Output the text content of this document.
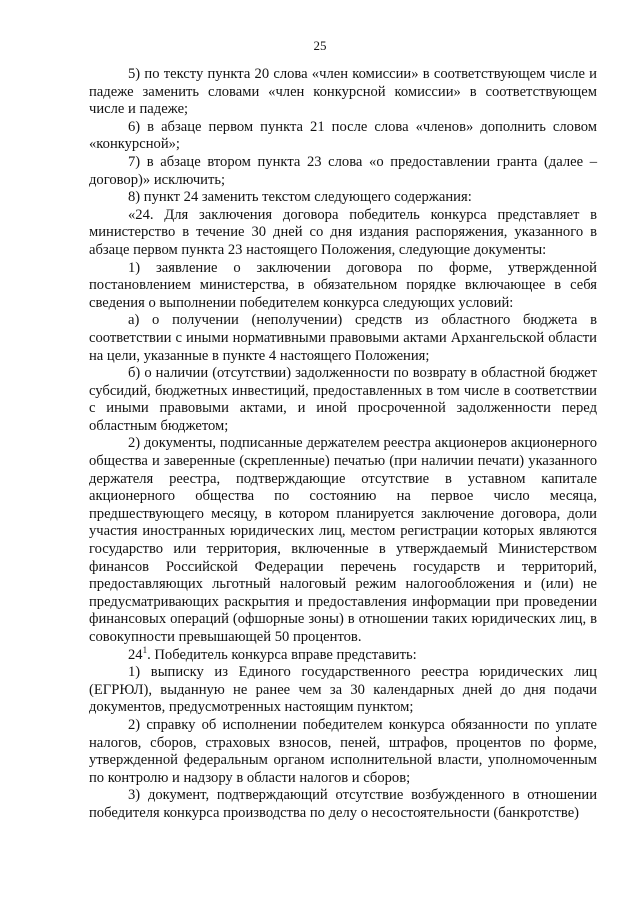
25

5) по тексту пункта 20 слова «член комиссии» в соответствующем числе и падеже заменить словами «член конкурсной комиссии» в соответствующем числе и падеже;

6) в абзаце первом пункта 21 после слова «членов» дополнить словом «конкурсной»;

7) в абзаце втором пункта 23 слова «о предоставлении гранта (далее – договор)» исключить;

8) пункт 24 заменить текстом следующего содержания:

«24. Для заключения договора победитель конкурса представляет в министерство в течение 30 дней со дня издания распоряжения, указанного в абзаце первом пункта 23 настоящего Положения, следующие документы:

1) заявление о заключении договора по форме, утвержденной постановлением министерства, в обязательном порядке включающее в себя сведения о выполнении победителем конкурса следующих условий:

а) о получении (неполучении) средств из областного бюджета в соответствии с иными нормативными правовыми актами Архангельской области на цели, указанные в пункте 4 настоящего Положения;

б) о наличии (отсутствии) задолженности по возврату в областной бюджет субсидий, бюджетных инвестиций, предоставленных в том числе в соответствии с иными правовыми актами, и иной просроченной задолженности перед областным бюджетом;

2) документы, подписанные держателем реестра акционеров акционерного общества и заверенные (скрепленные) печатью (при наличии печати) указанного держателя реестра, подтверждающие отсутствие в уставном капитале акционерного общества по состоянию на первое число месяца, предшествующего месяцу, в котором планируется заключение договора, доли участия иностранных юридических лиц, местом регистрации которых являются государство или территория, включенные в утверждаемый Министерством финансов Российской Федерации перечень государств и территорий, предоставляющих льготный налоговый режим налогообложения и (или) не предусматривающих раскрытия и предоставления информации при проведении финансовых операций (офшорные зоны) в отношении таких юридических лиц, в совокупности превышающей 50 процентов.

$24^1$. Победитель конкурса вправе представить:

1) выписку из Единого государственного реестра юридических лиц (ЕГРЮЛ), выданную не ранее чем за 30 календарных дней до дня подачи документов, предусмотренных настоящим пунктом;

2) справку об исполнении победителем конкурса обязанности по уплате налогов, сборов, страховых взносов, пеней, штрафов, процентов по форме, утвержденной федеральным органом исполнительной власти, уполномоченным по контролю и надзору в области налогов и сборов;

3) документ, подтверждающий отсутствие возбужденного в отношении победителя конкурса производства по делу о несостоятельности (банкротстве)
